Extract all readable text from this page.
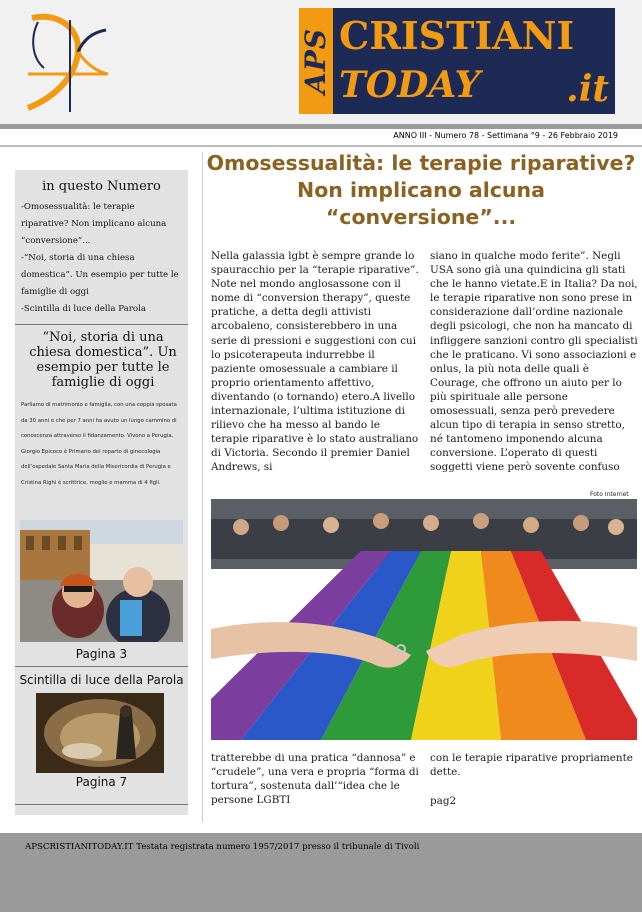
APS CRISTIANI
TODAY .it
ANNO III - Numero 78 - Settimana °9 - 26 Febbraio 2019
in questo Numero
-Omosessualità: le terapie riparative? Non implicano alcuna “conversione”...
-“Noi, storia di una chiesa domestica”. Un esempio per tutte le famiglie di oggi
-Scintilla di luce della Parola
“Noi, storia di una chiesa domestica”. Un esempio per tutte le famiglie di oggi
Parliamo di matrimonio e famiglia, con una coppia sposata da 30 anni e che per 7 anni ha avuto un lungo cammino di conoscenza attraverso il fidanzamento. Vivono a Perugia, Giorgio Epicoco è Primario del reparto di ginecologia dell’ospedale Santa Maria della Misericordia di Perugia e Cristina Righi è scrittrice, moglie e mamma di 4 figli.
Pagina 3
Scintilla di luce della Parola
Pagina 7
Omosessualità: le terapie riparative? Non implicano alcuna “conversione”...

Nella galassia lgbt è sempre grande lo spauracchio per la “terapie riparative”. Note nel mondo anglosassone con il nome di “conversion therapy”, queste pratiche, a detta degli attivisti arcobaleno, consisterebbero in una serie di pressioni e suggestioni con cui lo psicoterapeuta indurrebbe il paziente omosessuale a cambiare il proprio orientamento affettivo, diventando (o tornando) etero.A livello internazionale, l’ultima istituzione di rilievo che ha messo al bando le terapie riparative è lo stato australiano di Victoria. Secondo il premier Daniel Andrews, si

siano in qualche modo ferite”. Negli USA sono già una quindicina gli stati che le hanno vietate.E in Italia? Da noi, le terapie riparative non sono prese in considerazione dall’ordine nazionale degli psicologi, che non ha mancato di infliggere sanzioni contro gli specialisti che le praticano. Vi sono associazioni e onlus, la più nota delle quali è Courage, che offrono un aiuto per lo più spirituale alle persone omosessuali, senza però prevedere alcun tipo di terapia in senso stretto, né tantomeno imponendo alcuna conversione. L’operato di questi soggetti viene però sovente confuso

Foto Internet

tratterebbe di una pratica “dannosa” e “crudele”, una vera e propria “forma di tortura”, sostenuta dall’“idea che le persone LGBTI

con le terapie riparative propriamente dette.

pag2
APSCRISTIANITODAY.IT Testata registrata numero 1957/2017 presso il tribunale di Tivoli
